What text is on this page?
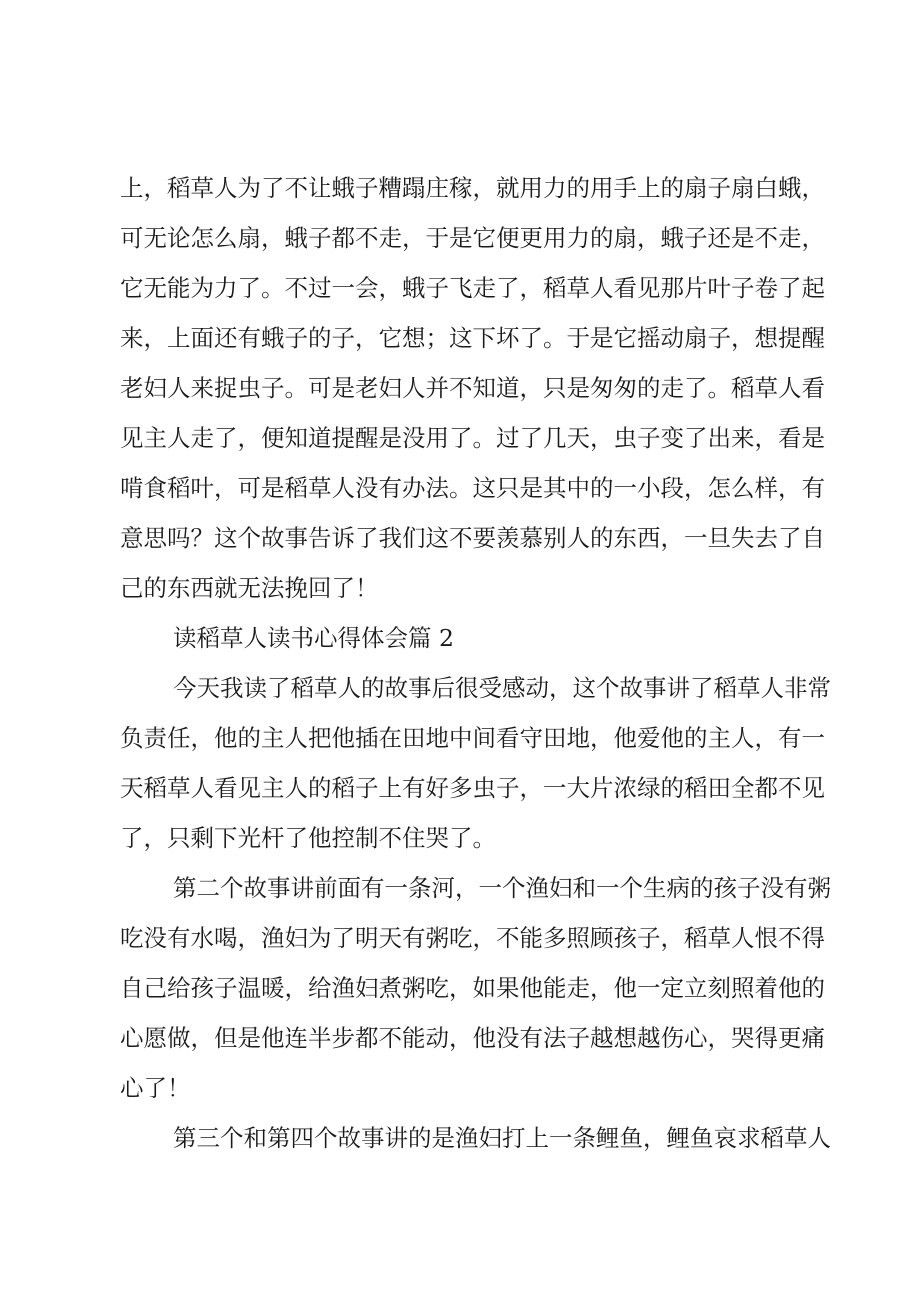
上，稻草人为了不让蛾子糟蹋庄稼，就用力的用手上的扇子扇白蛾，
可无论怎么扇，蛾子都不走，于是它便更用力的扇，蛾子还是不走，
它无能为力了。不过一会，蛾子飞走了，稻草人看见那片叶子卷了起
来，上面还有蛾子的子，它想；这下坏了。于是它摇动扇子，想提醒
老妇人来捉虫子。可是老妇人并不知道，只是匆匆的走了。稻草人看
见主人走了，便知道提醒是没用了。过了几天，虫子变了出来，看是
啃食稻叶，可是稻草人没有办法。这只是其中的一小段，怎么样，有
意思吗？这个故事告诉了我们这不要羡慕别人的东西，一旦失去了自
己的东西就无法挽回了！
读稻草人读书心得体会篇 2
今天我读了稻草人的故事后很受感动，这个故事讲了稻草人非常
负责任，他的主人把他插在田地中间看守田地，他爱他的主人，有一
天稻草人看见主人的稻子上有好多虫子，一大片浓绿的稻田全都不见
了，只剩下光杆了他控制不住哭了。
第二个故事讲前面有一条河，一个渔妇和一个生病的孩子没有粥
吃没有水喝，渔妇为了明天有粥吃，不能多照顾孩子，稻草人恨不得
自己给孩子温暖，给渔妇煮粥吃，如果他能走，他一定立刻照着他的
心愿做，但是他连半步都不能动，他没有法子越想越伤心，哭得更痛
心了！
第三个和第四个故事讲的是渔妇打上一条鲤鱼，鲤鱼哀求稻草人
